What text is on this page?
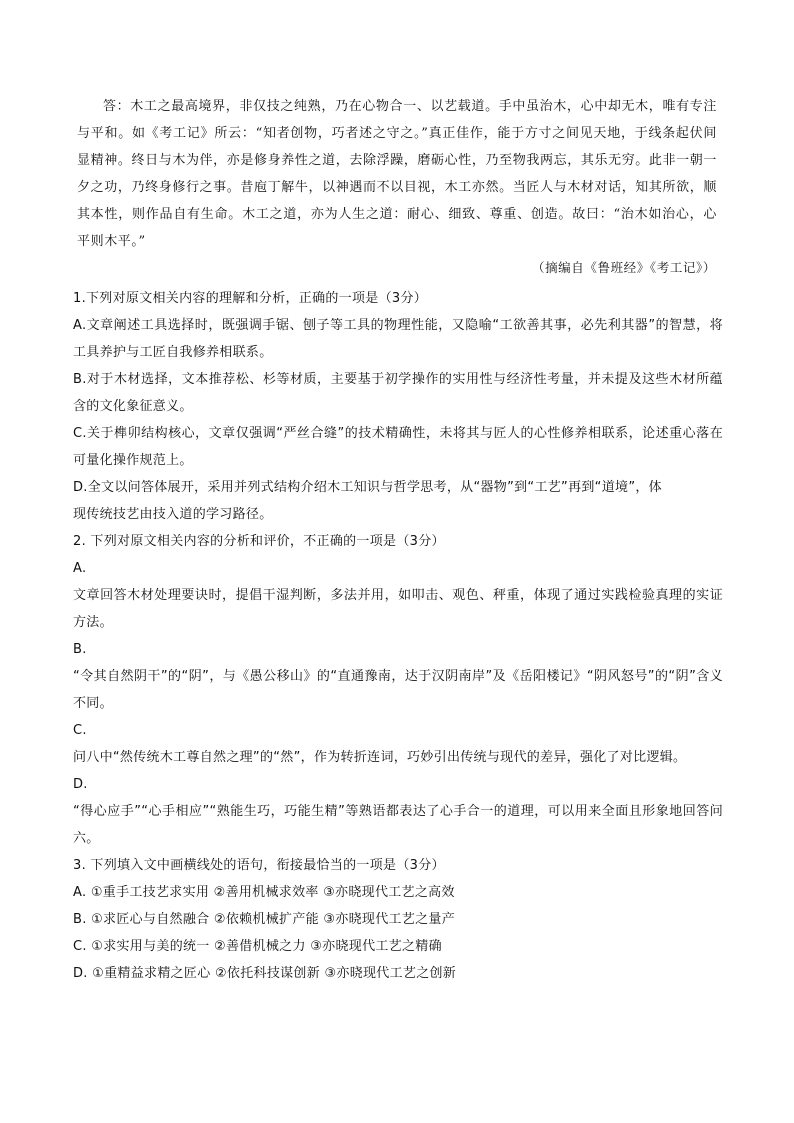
答：木工之最高境界，非仅技之纯熟，乃在心物合一、以艺载道。手中虽治木，心中却无木，唯有专注与平和。如《考工记》所云：“知者创物，巧者述之守之。”真正佳作，能于方寸之间见天地，于线条起伏间显精神。终日与木为伴，亦是修身养性之道，去除浮躁，磨砺心性，乃至物我两忘，其乐无穷。此非一朝一夕之功，乃终身修行之事。昔庖丁解牛，以神遇而不以目视，木工亦然。当匠人与木材对话，知其所欲，顺其本性，则作品自有生命。木工之道，亦为人生之道：耐心、细致、尊重、创造。故曰：“治木如治心，心平则木平。”

（摘编自《鲁班经》《考工记》）
1.下列对原文相关内容的理解和分析，正确的一项是（3分）
A.文章阐述工具选择时，既强调手锯、刨子等工具的物理性能，又隐喻“工欲善其事，必先利其器”的智慧，将工具养护与工匠自我修养相联系。
B.对于木材选择，文本推荐松、杉等材质，主要基于初学操作的实用性与经济性考量，并未提及这些木材所蕴含的文化象征意义。
C.关于榫卯结构核心，文章仅强调“严丝合缝”的技术精确性，未将其与匠人的心性修养相联系，论述重心落在可量化操作规范上。
D.全文以问答体展开，采用并列式结构介绍木工知识与哲学思考，从“器物”到“工艺”再到“道境”，体
现传统技艺由技入道的学习路径。
2. 下列对原文相关内容的分析和评价，不正确的一项是（3分）
A.
文章回答木材处理要诀时，提倡干湿判断，多法并用，如叩击、观色、秤重，体现了通过实践检验真理的实证方法。
B.
“令其自然阴干”的“阴”，与《愚公移山》的“直通豫南，达于汉阴南岸”及《岳阳楼记》“阴风怒号”的“阴”含义不同。
C.
问八中“然传统木工尊自然之理”的“然”，作为转折连词，巧妙引出传统与现代的差异，强化了对比逻辑。
D.
“得心应手”“心手相应”“熟能生巧，巧能生精”等熟语都表达了心手合一的道理，可以用来全面且形象地回答问六。
3. 下列填入文中画横线处的语句，衔接最恰当的一项是（3分）
A. ①重手工技艺求实用 ②善用机械求效率 ③亦晓现代工艺之高效
B. ①求匠心与自然融合 ②依赖机械扩产能 ③亦晓现代工艺之量产
C. ①求实用与美的统一 ②善借机械之力 ③亦晓现代工艺之精确
D. ①重精益求精之匠心 ②依托科技谋创新 ③亦晓现代工艺之创新
